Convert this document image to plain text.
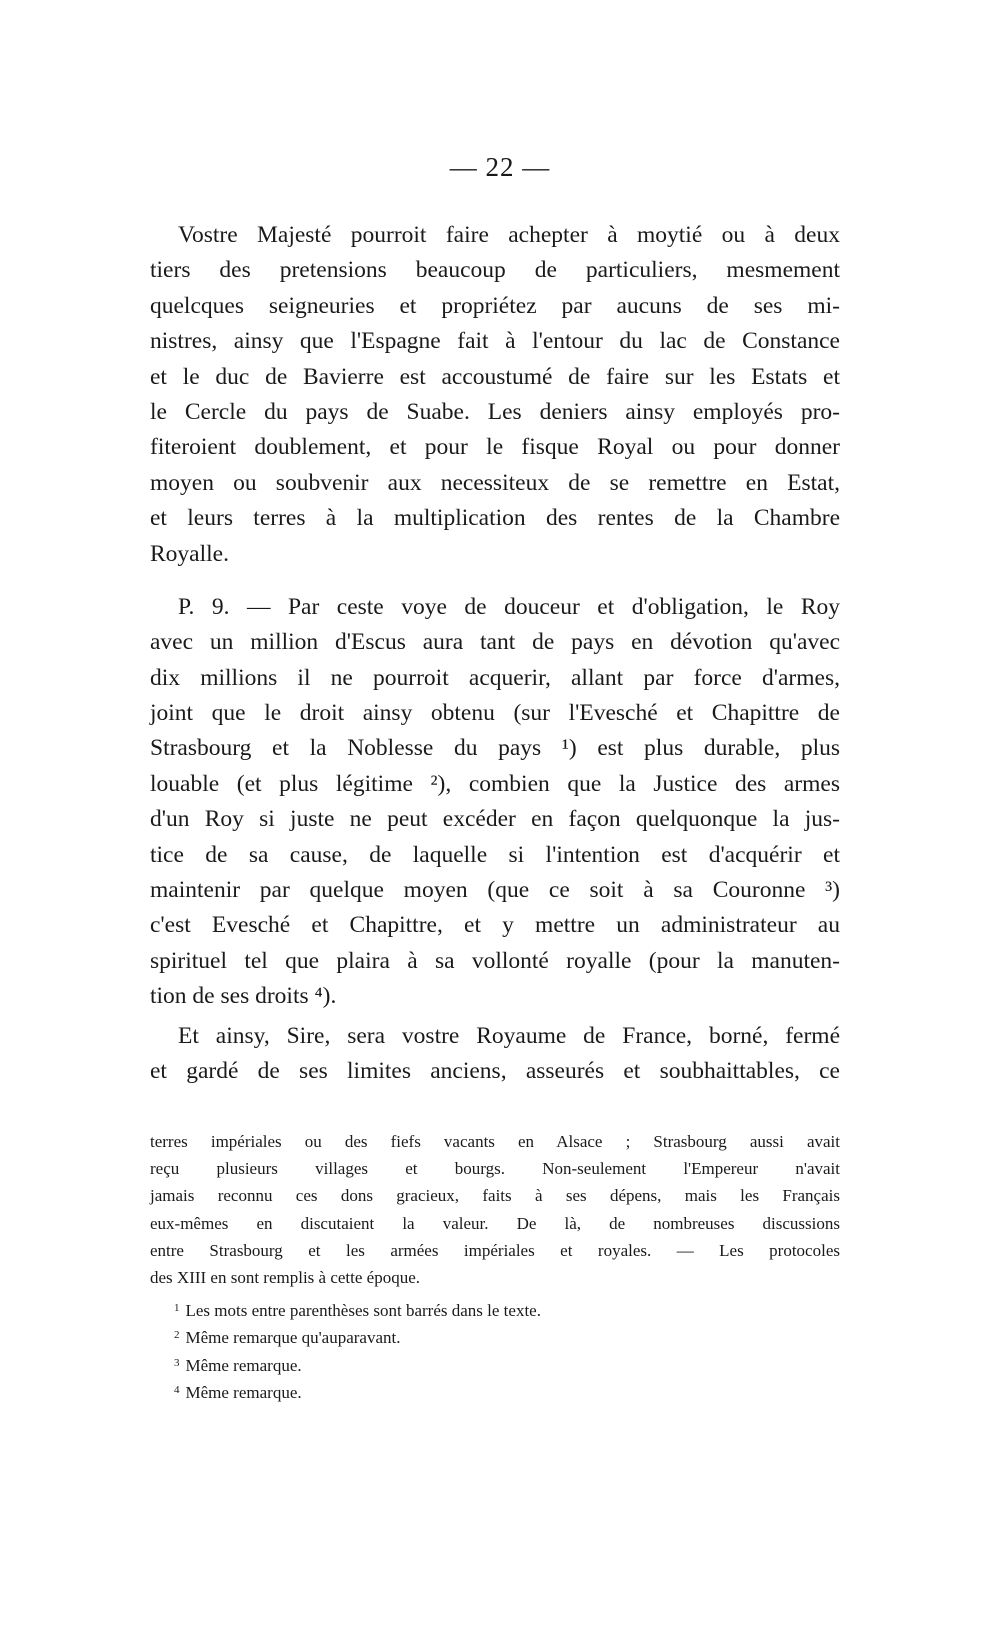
— 22 —
Vostre Majesté pourroit faire achepter à moytié ou à deux
tiers des pretensions beaucoup de particuliers, mesmement
quelcques seigneuries et propriétez par aucuns de ses mi-
nistres, ainsy que l'Espagne fait à l'entour du lac de Constance
et le duc de Bavierre est accoustumé de faire sur les Estats et
le Cercle du pays de Suabe. Les deniers ainsy employés pro-
fiteroient doublement, et pour le fisque Royal ou pour donner
moyen ou soubvenir aux necessiteux de se remettre en Estat,
et leurs terres à la multiplication des rentes de la Chambre
Royalle.
P. 9. — Par ceste voye de douceur et d'obligation, le Roy
avec un million d'Escus aura tant de pays en dévotion qu'avec
dix millions il ne pourroit acquerir, allant par force d'armes,
joint que le droit ainsy obtenu (sur l'Evesché et Chapittre de
Strasbourg et la Noblesse du pays ¹) est plus durable, plus
louable (et plus légitime ²), combien que la Justice des armes
d'un Roy si juste ne peut excéder en façon quelquonque la jus-
tice de sa cause, de laquelle si l'intention est d'acquérir et
maintenir par quelque moyen (que ce soit à sa Couronne ³)
c'est Evesché et Chapittre, et y mettre un administrateur au
spirituel tel que plaira à sa vollonté royalle (pour la manuten-
tion de ses droits ⁴).
Et ainsy, Sire, sera vostre Royaume de France, borné, fermé
et gardé de ses limites anciens, asseurés et soubhaittables, ce
terres impériales ou des fiefs vacants en Alsace ; Strasbourg aussi avait
reçu plusieurs villages et bourgs. Non-seulement l'Empereur n'avait
jamais reconnu ces dons gracieux, faits à ses dépens, mais les Français
eux-mêmes en discutaient la valeur. De là, de nombreuses discussions
entre Strasbourg et les armées impériales et royales. — Les protocoles
des XIII en sont remplis à cette époque.
$^1$ Les mots entre parenthèses sont barrés dans le texte.
$^2$ Même remarque qu'auparavant.
$^3$ Même remarque.
$^4$ Même remarque.
